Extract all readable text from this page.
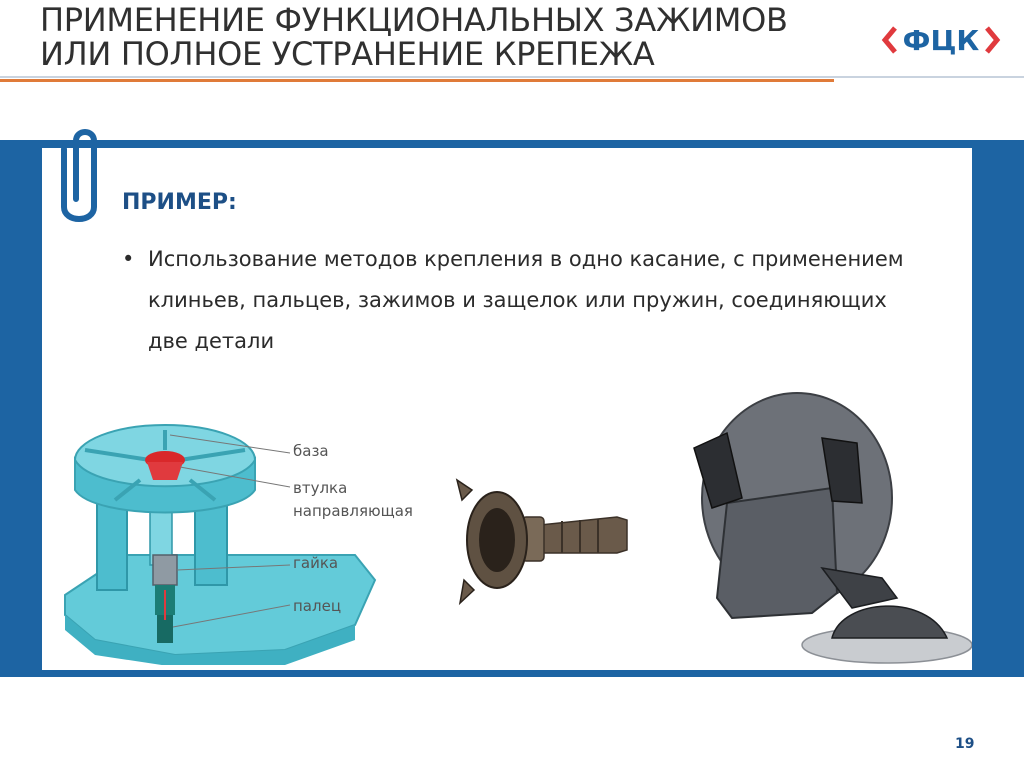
ПРИМЕНЕНИЕ ФУНКЦИОНАЛЬНЫХ ЗАЖИМОВ
ИЛИ ПОЛНОЕ УСТРАНЕНИЕ КРЕПЕЖА	ФЦК
ПРИМЕР:
• Использование методов крепления в одно касание, с применением клиньев, пальцев, зажимов и защелок или пружин, соединяющих две детали
база
втулка
направляющая
гайка
палец
19
